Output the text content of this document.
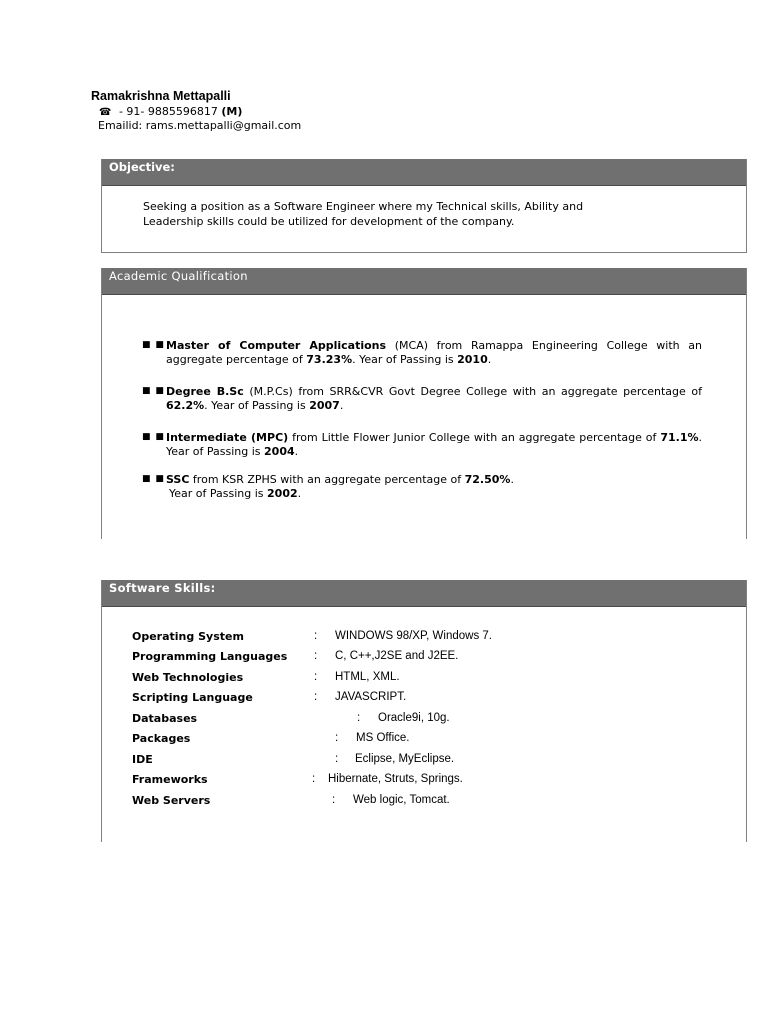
Ramakrishna Mettapalli
☎ - 91- 9885596817 (M)
Emailid: rams.mettapalli@gmail.com
Objective:
Seeking a position as a Software Engineer where my Technical skills, Ability and
Leadership skills could be utilized for development of the company.
Academic Qualification
■ ■ Master of Computer Applications (MCA) from Ramappa Engineering College with an aggregate percentage of 73.23%. Year of Passing is 2010.
■ ■ Degree B.Sc (M.P.Cs) from SRR&CVR Govt Degree College with an aggregate percentage of 62.2%. Year of Passing is 2007.
■ ■ Intermediate (MPC) from Little Flower Junior College with an aggregate percentage of 71.1%. Year of Passing is 2004.
■ ■ SSC from KSR ZPHS with an aggregate percentage of 72.50%.
Year of Passing is 2002.
Software Skills:
Operating System	: WINDOWS 98/XP, Windows 7.
Programming Languages : C, C++,J2SE and J2EE.
Web Technologies	: HTML, XML.
Scripting Language	: JAVASCRIPT.
Databases	: Oracle9i, 10g.
Packages	: MS Office.
IDE	: Eclipse, MyEclipse.
Frameworks	: Hibernate, Struts, Springs.
Web Servers	: Web logic, Tomcat.
